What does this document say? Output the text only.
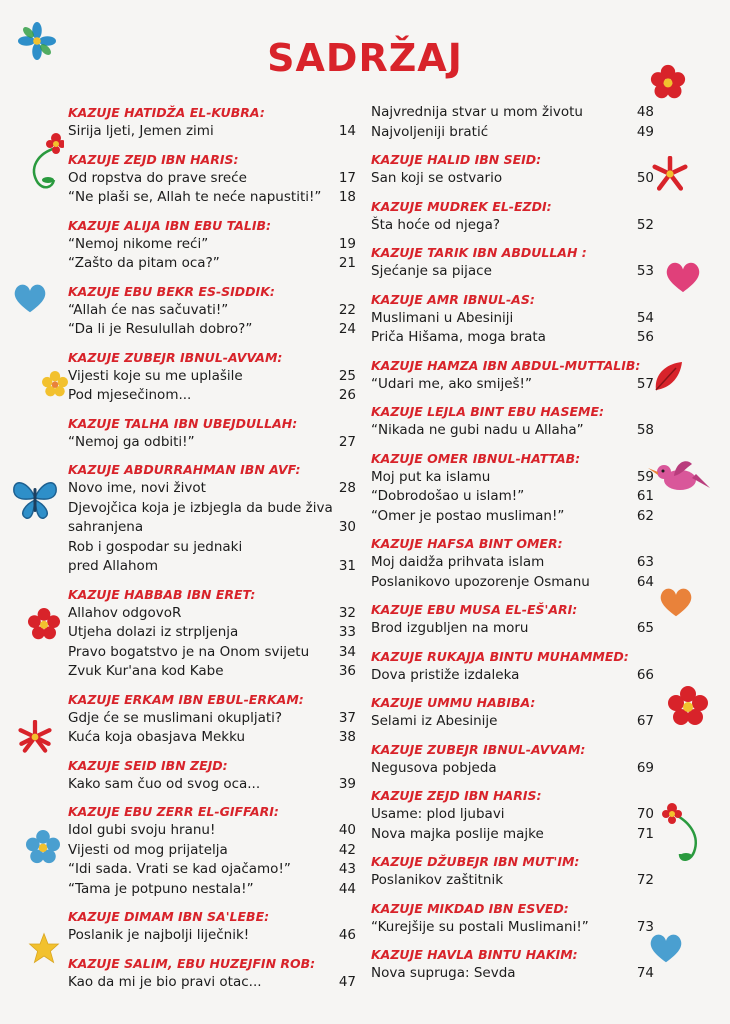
SADRŽAJ
KAZUJE HATIDŽA EL-KUBRA:
Sirija ljeti, Jemen zimi	14
KAZUJE ZEJD IBN HARIS:
Od ropstva do prave sreće	17
“Ne plaši se, Allah te neće napustiti!” 18
KAZUJE ALIJA IBN EBU TALIB:
“Nemoj nikome reći”	19
“Zašto da pitam oca?”	21
KAZUJE EBU BEKR ES-SIDDIK:
“Allah će nas sačuvati!”	22
“Da li je Resulullah dobro?”	24
KAZUJE ZUBEJR IBNUL-AVVAM:
Vijesti koje su me uplašile	25
Pod mjesečinom...	26
KAZUJE TALHA IBN UBEJDULLAH:
“Nemoj ga odbiti!”	27
KAZUJE ABDURRAHMAN IBN AVF:
Novo ime, novi život	28
Djevojčica koja je izbjegla da bude živa
sahranjena	30
Rob i gospodar su jednaki
pred Allahom	31
KAZUJE HABBAB IBN ERET:
Allahov odgovoR	32
Utjeha dolazi iz strpljenja	33
Pravo bogatstvo je na Onom svijetu 34
Zvuk Kur'ana kod Kabe	36
KAZUJE ERKAM IBN EBUL-ERKAM:
Gdje će se muslimani okupljati?	37
Kuća koja obasjava Mekku	38
KAZUJE SEID IBN ZEJD:
Kako sam čuo od svog oca...	39
KAZUJE EBU ZERR EL-GIFFARI:
Idol gubi svoju hranu!	40
Vijesti od mog prijatelja	42
“Idi sada. Vrati se kad ojačamo!”	43
“Tama je potpuno nestala!”	44
KAZUJE DIMAM IBN SA'LEBE:
Poslanik je najbolji liječnik!	46
KAZUJE SALIM, EBU HUZEJFIN ROB:
Kao da mi je bio pravi otac...	47
Najvrednija stvar u mom životu	48
Najvoljeniji bratić	49
KAZUJE HALID IBN SEID:
San koji se ostvario	50
KAZUJE MUDREK EL-EZDI:
Šta hoće od njega?	52
KAZUJE TARIK IBN ABDULLAH :
Sjećanje sa pijace	53
KAZUJE AMR IBNUL-AS:
Muslimani u Abesiniji	54
Priča Hišama, moga brata	56
KAZUJE HAMZA IBN ABDUL-MUTTALIB:
“Udari me, ako smiješ!”	57
KAZUJE LEJLA BINT EBU HASEME:
“Nikada ne gubi nadu u Allaha”	58
KAZUJE OMER IBNUL-HATTAB:
Moj put ka islamu	59
“Dobrodošao u islam!”	61
“Omer je postao musliman!”	62
KAZUJE HAFSA BINT OMER:
Moj daidža prihvata islam	63
Poslanikovo upozorenje Osmanu	64
KAZUJE EBU MUSA EL-EŠ'ARI:
Brod izgubljen na moru	65
KAZUJE RUKAJJA BINTU MUHAMMED:
Dova pristiže izdaleka	66
KAZUJE UMMU HABIBA:
Selami iz Abesinije	67
KAZUJE ZUBEJR IBNUL-AVVAM:
Negusova pobjeda	69
KAZUJE ZEJD IBN HARIS:
Usame: plod ljubavi	70
Nova majka poslije majke	71
KAZUJE DŽUBEJR IBN MUT'IM:
Poslanikov zaštitnik	72
KAZUJE MIKDAD IBN ESVED:
“Kurejšije su postali Muslimani!”	73
KAZUJE HAVLA BINTU HAKIM:
Nova supruga: Sevda	74
